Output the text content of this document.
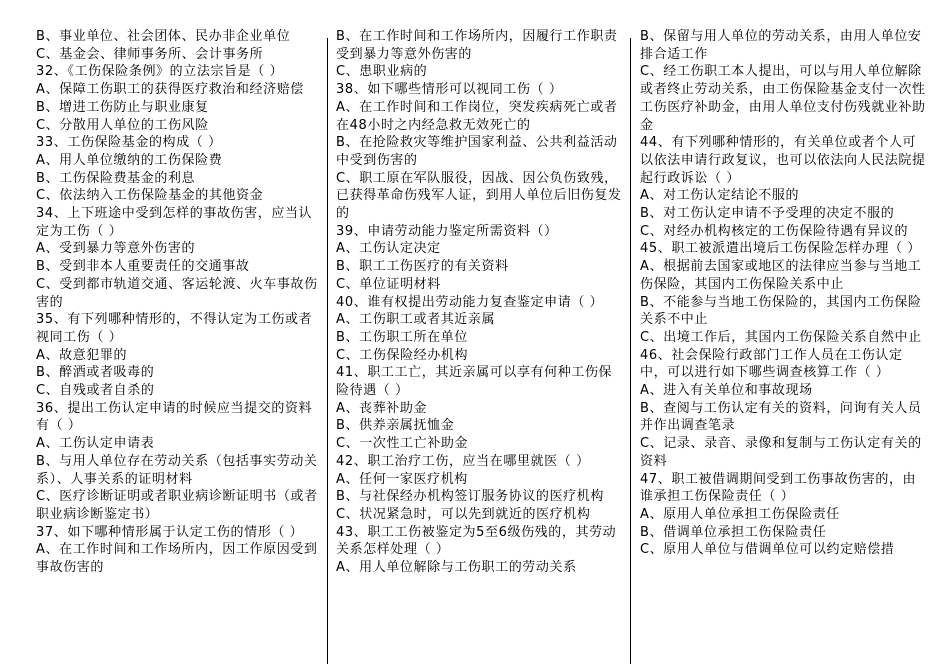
B、事业单位、社会团体、民办非企业单位
C、基金会、律师事务所、会计事务所
32、《工伤保险条例》的立法宗旨是（ ）
A、保障工伤职工的获得医疗救治和经济赔偿
B、增进工伤防止与职业康复
C、分散用人单位的工伤风险
33、工伤保险基金的构成（ ）
A、用人单位缴纳的工伤保险费
B、工伤保险费基金的利息
C、依法纳入工伤保险基金的其他资金
34、上下班途中受到怎样的事故伤害，应当认定为工伤（ ）
A、受到暴力等意外伤害的
B、受到非本人重要责任的交通事故
C、受到都市轨道交通、客运轮渡、火车事故伤害的
35、有下列哪种情形的，不得认定为工伤或者视同工伤（ ）
A、故意犯罪的
B、醉酒或者吸毒的
C、自残或者自杀的
36、提出工伤认定申请的时候应当提交的资料有（ ）
A、工伤认定申请表
B、与用人单位存在劳动关系（包括事实劳动关系）、人事关系的证明材料
C、医疗诊断证明或者职业病诊断证明书（或者职业病诊断鉴定书）
37、如下哪种情形属于认定工伤的情形（ ）
A、在工作时间和工作场所内，因工作原因受到事故伤害的
B、在工作时间和工作场所内，因履行工作职责受到暴力等意外伤害的
C、患职业病的
38、如下哪些情形可以视同工伤（ ）
A、在工作时间和工作岗位，突发疾病死亡或者在48小时之内经急救无效死亡的
B、在抢险救灾等维护国家利益、公共利益活动中受到伤害的
C、职工原在军队服役，因战、因公负伤致残，已获得革命伤残军人证，到用人单位后旧伤复发的
39、申请劳动能力鉴定所需资料（）
A、工伤认定决定
B、职工工伤医疗的有关资料
C、单位证明材料
40、谁有权提出劳动能力复查鉴定申请（ ）
A、工伤职工或者其近亲属
B、工伤职工所在单位
C、工伤保险经办机构
41、职工工亡，其近亲属可以享有何种工伤保险待遇（ ）
A、丧葬补助金
B、供养亲属抚恤金
C、一次性工亡补助金
42、职工治疗工伤，应当在哪里就医（ ）
A、任何一家医疗机构
B、与社保经办机构签订服务协议的医疗机构
C、状况紧急时，可以先到就近的医疗机构
43、职工工伤被鉴定为5至6级伤残的，其劳动关系怎样处理（ ）
A、用人单位解除与工伤职工的劳动关系
B、保留与用人单位的劳动关系，由用人单位安排合适工作
C、经工伤职工本人提出，可以与用人单位解除或者终止劳动关系，由工伤保险基金支付一次性工伤医疗补助金，由用人单位支付伤残就业补助金
44、有下列哪种情形的，有关单位或者个人可以依法申请行政复议，也可以依法向人民法院提起行政诉讼（ ）
A、对工伤认定结论不服的
B、对工伤认定申请不予受理的决定不服的
C、对经办机构核定的工伤保险待遇有异议的
45、职工被派遣出境后工伤保险怎样办理（ ）
A、根据前去国家或地区的法律应当参与当地工伤保险，其国内工伤保险关系中止
B、不能参与当地工伤保险的，其国内工伤保险关系不中止
C、出境工作后，其国内工伤保险关系自然中止
46、社会保险行政部门工作人员在工伤认定中，可以进行如下哪些调查核算工作（ ）
A、进入有关单位和事故现场
B、查阅与工伤认定有关的资料，问询有关人员并作出调查笔录
C、记录、录音、录像和复制与工伤认定有关的资料
47、职工被借调期间受到工伤事故伤害的，由谁承担工伤保险责任（ ）
A、原用人单位承担工伤保险责任
B、借调单位承担工伤保险责任
C、原用人单位与借调单位可以约定赔偿措
